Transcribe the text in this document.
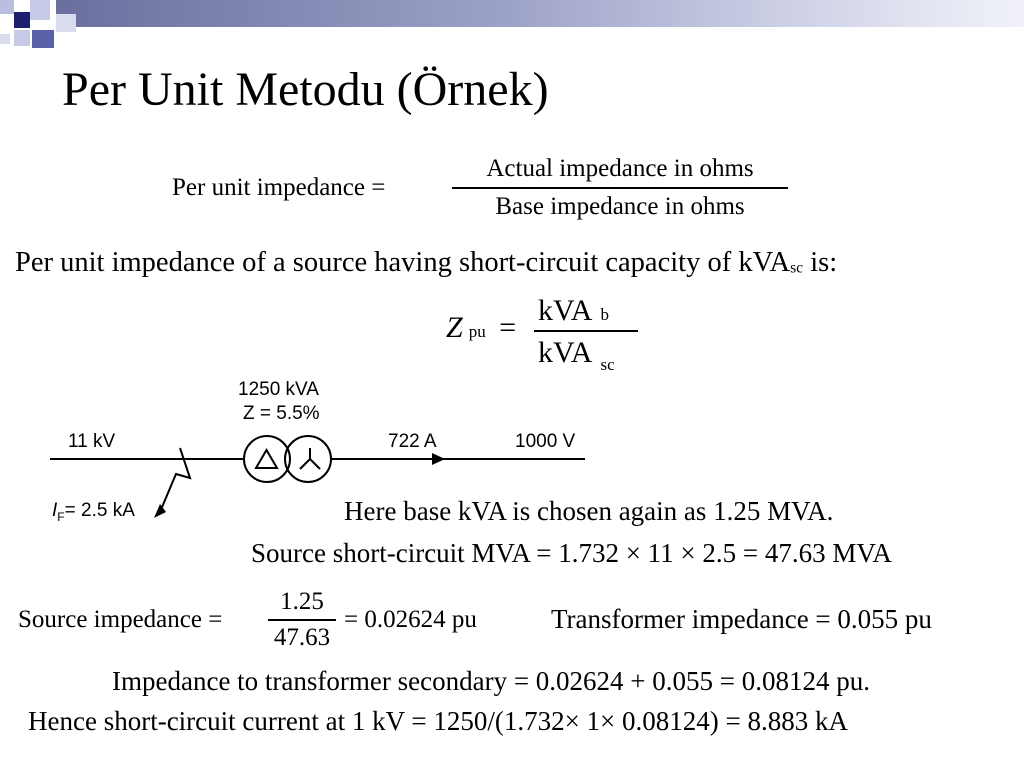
Per Unit Metodu (Örnek)
Per unit impedance =
Actual impedance in ohms
Base impedance in ohms
Per unit impedance of a source having short-circuit capacity of kVA$_{sc}$ is:
Zpu =
kVA b
kVA $_{sc}$
1250 kVA
Z = 5.5%
11 kV	722 A	1000 V
$I_F= 2.5$ kA	Here base kVA is chosen again as 1.25 MVA.
Source short-circuit MVA = 1.732 × 11 × 2.5 = 47.63 MVA
Source impedance =
1.25
47.63
= 0.02624 pu	Transformer impedance = 0.055 pu
Impedance to transformer secondary = 0.02624 + 0.055 = 0.08124 pu.
Hence short-circuit current at 1 kV = 1250/(1.732× 1× 0.08124) = 8.883 kA
